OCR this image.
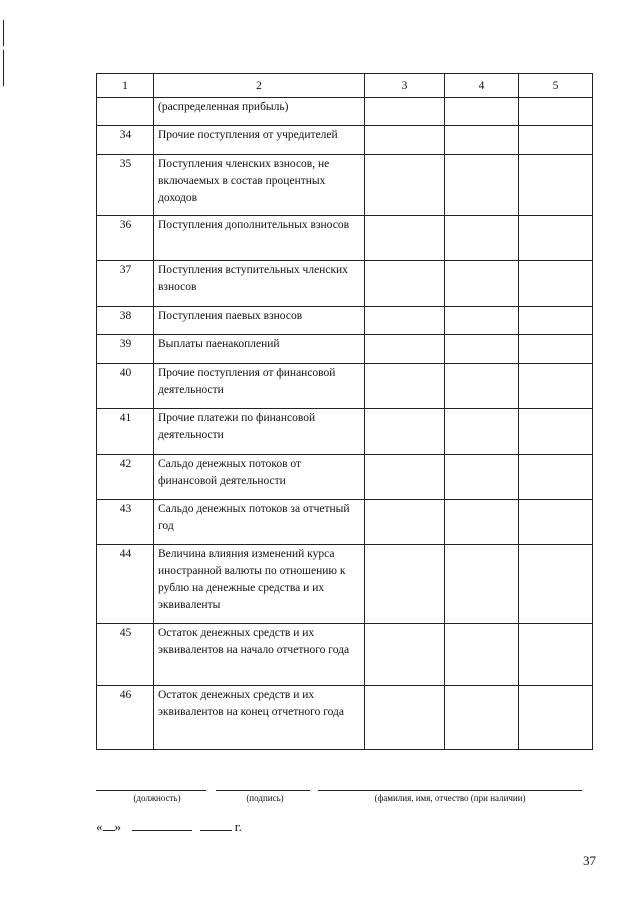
1	2	3	4	5
	(распределенная прибыль)			
34	Прочие поступления от учредителей			
35	Поступления членских взносов, не включаемых в состав процентных доходов			
36	Поступления дополнительных взносов			
37	Поступления вступительных членских взносов			
38	Поступления паевых взносов			
39	Выплаты паенакоплений			
40	Прочие поступления от финансовой деятельности			
41	Прочие платежи по финансовой деятельности			
42	Сальдо денежных потоков от финансовой деятельности			
43	Сальдо денежных потоков за отчетный год			
44	Величина влияния изменений курса иностранной валюты по отношению к рублю на денежные средства и их эквиваленты			
45	Остаток денежных средств и их эквивалентов на начало отчетного года			
46	Остаток денежных средств и их эквивалентов на конец отчетного года			
(должность)	(подпись)	(фамилия, имя, отчество (при наличии)
« »	г.
37
